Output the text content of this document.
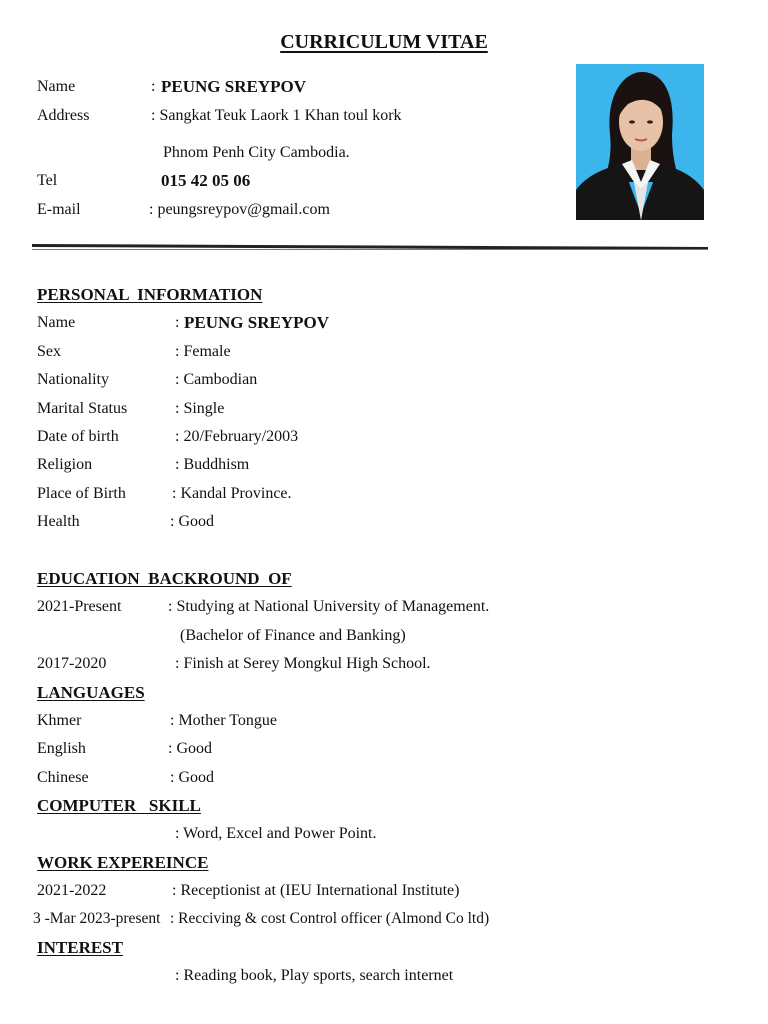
CURRICULUM VITAE
Name	: PEUNG SREYPOV
Address	: Sangkat Teuk Laork 1 Khan toul kork
Phnom Penh City Cambodia.
Tel	015 42 05 06
E-mail	: peungsreypov@gmail.com
PERSONAL  INFORMATION
Name	: PEUNG SREYPOV
Sex	: Female
Nationality	: Cambodian
Marital Status	: Single
Date of birth	: 20/February/2003
Religion	: Buddhism
Place of Birth	: Kandal Province.
Health	: Good
EDUCATION  BACKROUND  OF
2021-Present	: Studying at National University of Management.
(Bachelor of Finance and Banking)
2017-2020	: Finish at Serey Mongkul High School.
LANGUAGES
Khmer	: Mother Tongue
English	: Good
Chinese	: Good
COMPUTER   SKILL
: Word, Excel and Power Point.
WORK EXPEREINCE
2021-2022	: Receptionist at (IEU International Institute)
3 -Mar 2023-present : Recciving & cost Control officer (Almond Co ltd)
INTEREST
: Reading book, Play sports, search internet
